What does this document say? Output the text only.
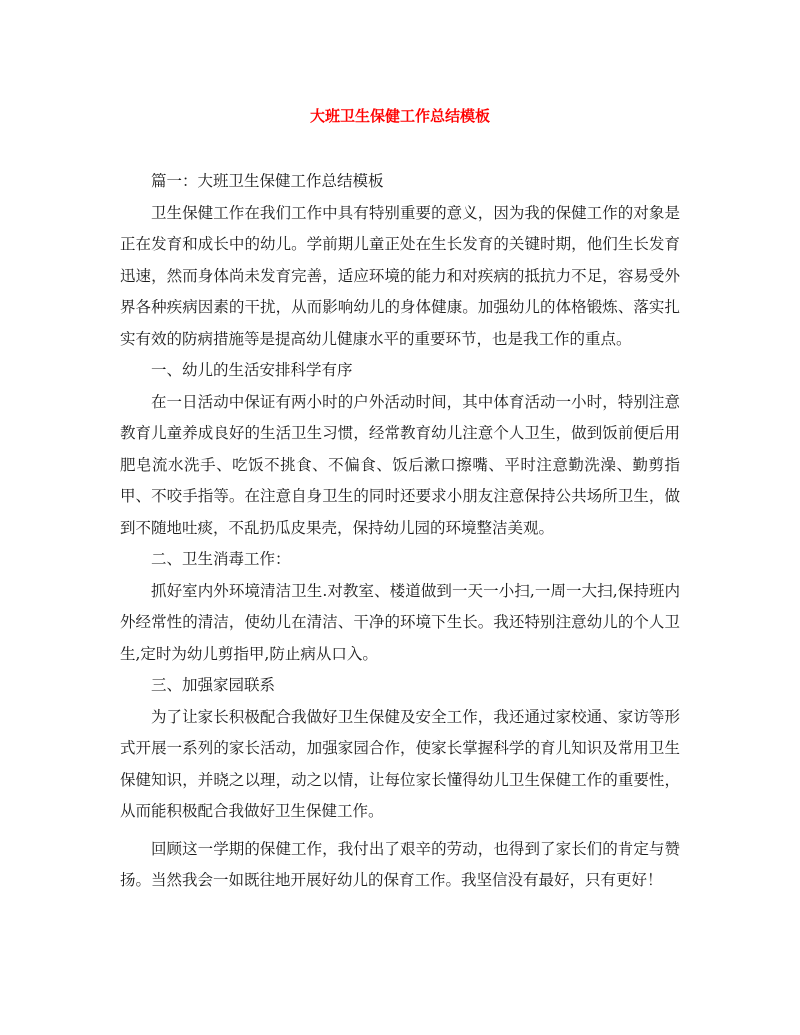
大班卫生保健工作总结模板

篇一：大班卫生保健工作总结模板

卫生保健工作在我们工作中具有特别重要的意义，因为我的保健工作的对象是正在发育和成长中的幼儿。学前期儿童正处在生长发育的关键时期，他们生长发育迅速，然而身体尚未发育完善，适应环境的能力和对疾病的抵抗力不足，容易受外界各种疾病因素的干扰，从而影响幼儿的身体健康。加强幼儿的体格锻炼、落实扎实有效的防病措施等是提高幼儿健康水平的重要环节，也是我工作的重点。

一、幼儿的生活安排科学有序

在一日活动中保证有两小时的户外活动时间，其中体育活动一小时，特别注意教育儿童养成良好的生活卫生习惯，经常教育幼儿注意个人卫生，做到饭前便后用肥皂流水洗手、吃饭不挑食、不偏食、饭后漱口擦嘴、平时注意勤洗澡、勤剪指甲、不咬手指等。在注意自身卫生的同时还要求小朋友注意保持公共场所卫生，做到不随地吐痰，不乱扔瓜皮果壳，保持幼儿园的环境整洁美观。

二、卫生消毒工作：

抓好室内外环境清洁卫生.对教室、楼道做到一天一小扫,一周一大扫,保持班内外经常性的清洁，使幼儿在清洁、干净的环境下生长。我还特别注意幼儿的个人卫生,定时为幼儿剪指甲,防止病从口入。

三、加强家园联系

为了让家长积极配合我做好卫生保健及安全工作，我还通过家校通、家访等形式开展一系列的家长活动，加强家园合作，使家长掌握科学的育儿知识及常用卫生保健知识，并晓之以理，动之以情，让每位家长懂得幼儿卫生保健工作的重要性，从而能积极配合我做好卫生保健工作。

回顾这一学期的保健工作，我付出了艰辛的劳动，也得到了家长们的肯定与赞扬。当然我会一如既往地开展好幼儿的保育工作。我坚信没有最好，只有更好！
